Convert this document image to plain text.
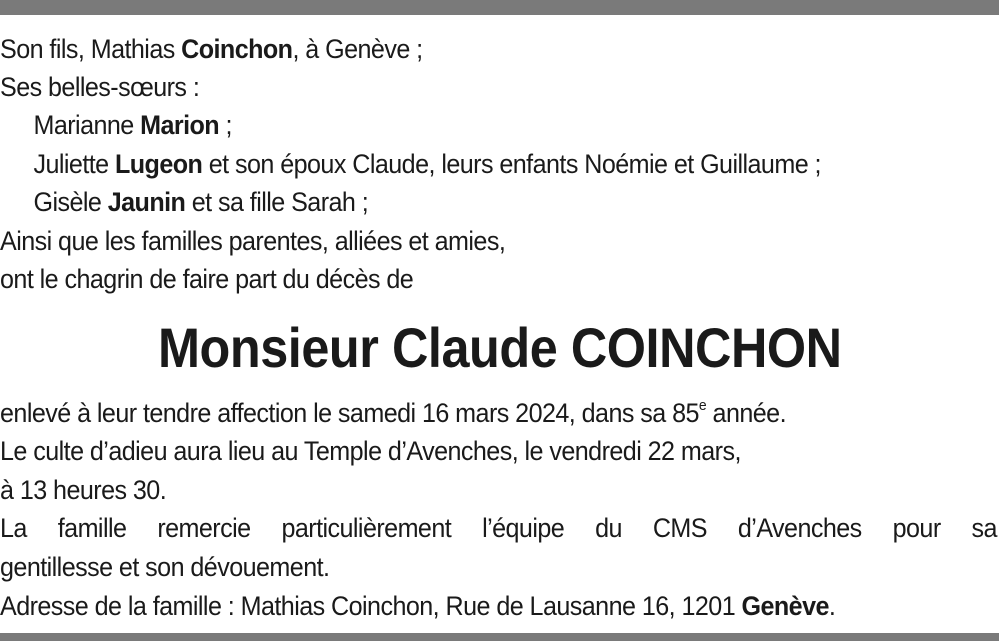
Son fils, Mathias Coinchon, à Genève ;
Ses belles-sœurs :
Marianne Marion ;
Juliette Lugeon et son époux Claude, leurs enfants Noémie et Guillaume ;
Gisèle Jaunin et sa fille Sarah ;
Ainsi que les familles parentes, alliées et amies,
ont le chagrin de faire part du décès de
Monsieur Claude COINCHON
enlevé à leur tendre affection le samedi 16 mars 2024, dans sa 85e année.
Le culte d’adieu aura lieu au Temple d’Avenches, le vendredi 22 mars,
à 13 heures 30.
La famille remercie particulièrement l’équipe du CMS d’Avenches pour sa
gentillesse et son dévouement.
Adresse de la famille : Mathias Coinchon, Rue de Lausanne 16, 1201 Genève.
